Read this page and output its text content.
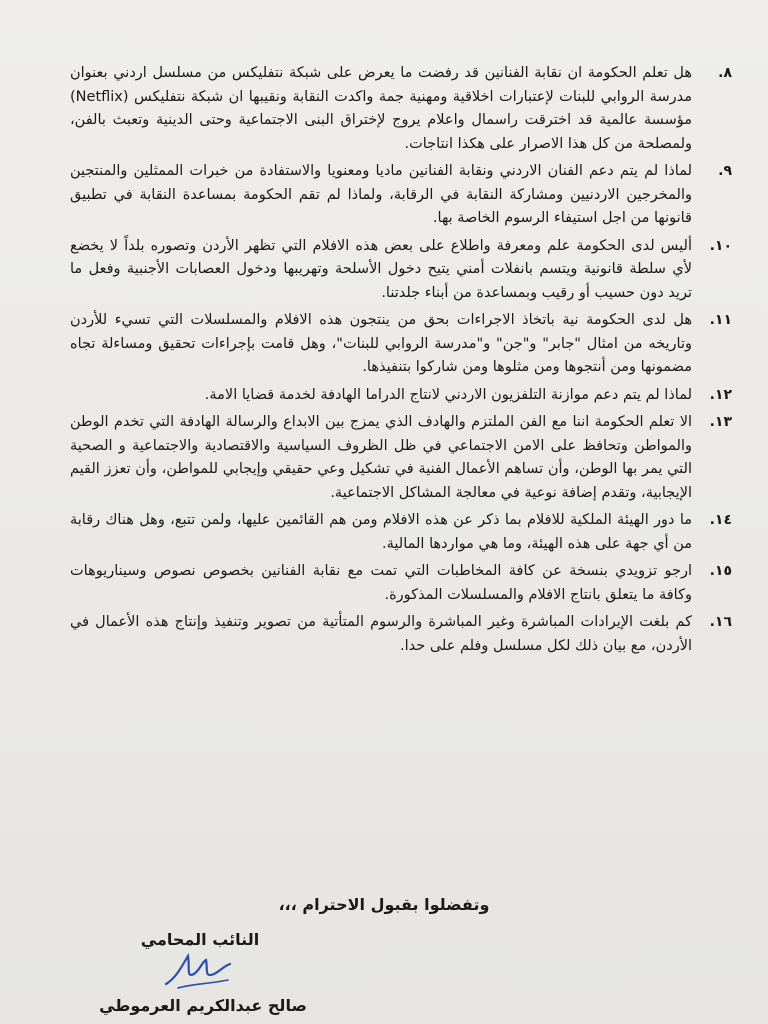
٨.
هل تعلم الحكومة ان نقابة الفنانين قد رفضت ما يعرض على شبكة نتفليكس من مسلسل اردني بعنوان مدرسة الروابي للبنات لإعتبارات اخلاقية ومهنية جمة واكدت النقابة ونقيبها ان شبكة نتفليكس (Netflix) مؤسسة عالمية قد اخترقت راسمال واعلام يروج لإختراق البنى الاجتماعية وحتى الدينية وتعبث بالفن، ولمصلحة من كل هذا الاصرار على هكذا انتاجات.
٩.
لماذا لم يتم دعم الفنان الاردني ونقابة الفنانين ماديا ومعنويا والاستفادة من خبرات الممثلين والمنتجين والمخرجين الاردنيين ومشاركة النقابة في الرقابة، ولماذا لم تقم الحكومة بمساعدة النقابة في تطبيق قانونها من اجل استيفاء الرسوم الخاصة بها.
١٠.
أليس لدى الحكومة علم ومعرفة واطلاع على بعض هذه الافلام التي تظهر الأردن وتصوره بلداً لا يخضع لأي سلطة قانونية ويتسم بانفلات أمني يتيح دخول الأسلحة وتهريبها ودخول العصابات الأجنبية وفعل ما تريد دون حسيب أو رقيب وبمساعدة من أبناء جلدتنا.
١١.
هل لدى الحكومة نية باتخاذ الاجراءات بحق من ينتجون هذه الافلام والمسلسلات التي تسيء للأردن وتاريخه من امثال "جابر" و"جن" و"مدرسة الروابي للبنات"، وهل قامت بإجراءات تحقيق ومساءلة تجاه مضمونها ومن أنتجوها ومن مثلوها ومن شاركوا بتنفيذها.
١٢.
لماذا لم يتم دعم موازنة التلفزيون الاردني لانتاج الدراما الهادفة لخدمة قضايا الامة.
١٣.
الا تعلم الحكومة اننا مع الفن الملتزم والهادف الذي يمزج بين الابداع والرسالة الهادفة التي تخدم الوطن والمواطن وتحافظ على الامن الاجتماعي في ظل الظروف السياسية والاقتصادية والاجتماعية و الصحية التي يمر بها الوطن، وأن تساهم الأعمال الفنية في تشكيل وعي حقيقي وإيجابي للمواطن، وأن تعزز القيم الإيجابية، وتقدم إضافة نوعية في معالجة المشاكل الاجتماعية.
١٤.
ما دور الهيئة الملكية للافلام بما ذكر عن هذه الافلام ومن هم القائمين عليها، ولمن تتبع، وهل هناك رقابة من أي جهة على هذه الهيئة، وما هي مواردها المالية.
١٥.
ارجو تزويدي بنسخة عن كافة المخاطبات التي تمت مع نقابة الفنانين بخصوص نصوص وسيناريوهات وكافة ما يتعلق بانتاج الافلام والمسلسلات المذكورة.
١٦.
كم بلغت الإيرادات المباشرة وغير المباشرة والرسوم المتأتية من تصوير وتنفيذ وإنتاج هذه الأعمال في الأردن، مع بيان ذلك لكل مسلسل وفلم على حدا.
وتفضلوا بقبول الاحترام ،،،
النائب المحامي
صالح عبدالكريم العرموطي
